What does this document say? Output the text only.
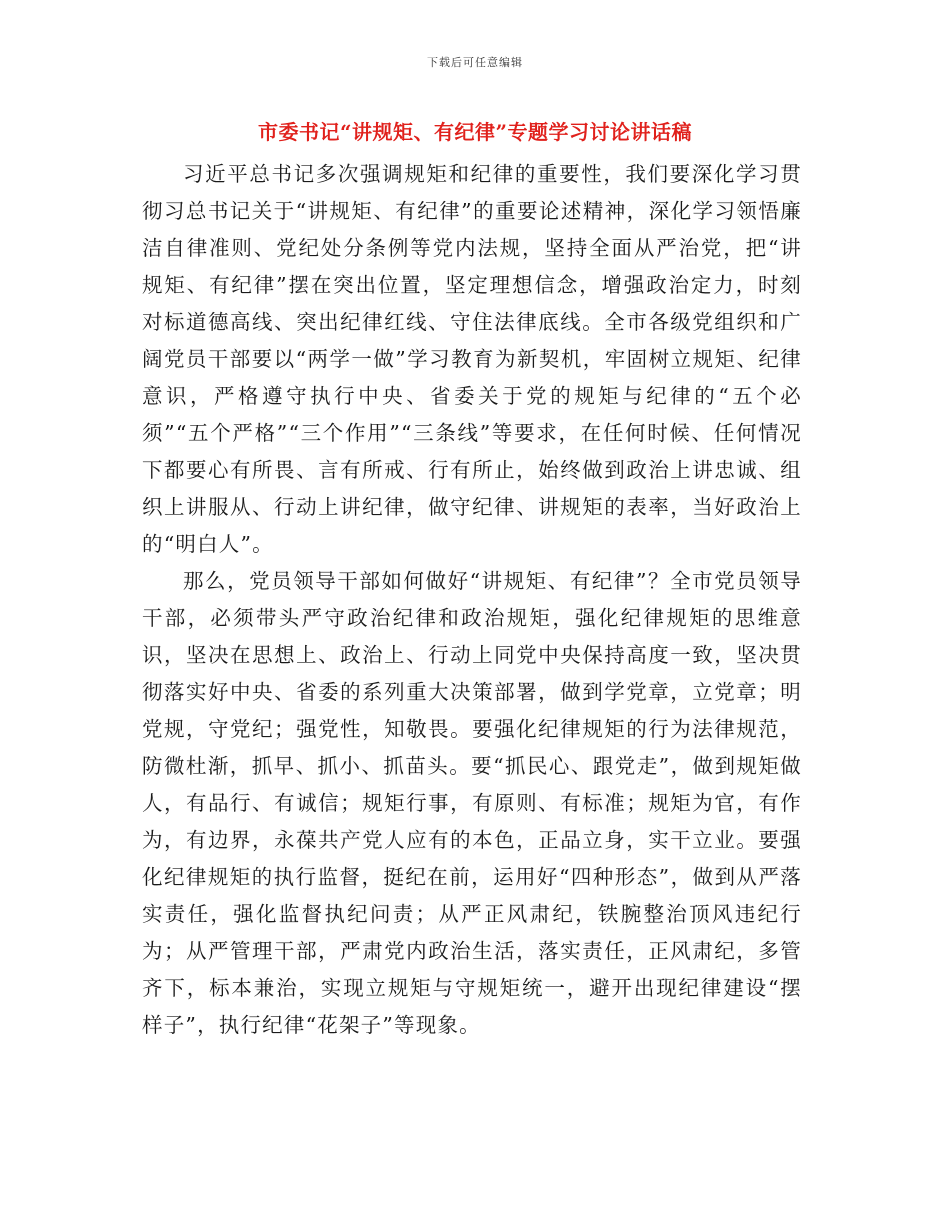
下载后可任意编辑
市委书记“讲规矩、有纪律”专题学习讨论讲话稿

习近平总书记多次强调规矩和纪律的重要性，我们要深化学习贯彻习总书记关于“讲规矩、有纪律”的重要论述精神，深化学习领悟廉洁自律准则、党纪处分条例等党内法规，坚持全面从严治党，把“讲规矩、有纪律”摆在突出位置，坚定理想信念，增强政治定力，时刻对标道德高线、突出纪律红线、守住法律底线。全市各级党组织和广阔党员干部要以“两学一做”学习教育为新契机，牢固树立规矩、纪律意识，严格遵守执行中央、省委关于党的规矩与纪律的“五个必须”“五个严格”“三个作用”“三条线”等要求，在任何时候、任何情况下都要心有所畏、言有所戒、行有所止，始终做到政治上讲忠诚、组织上讲服从、行动上讲纪律，做守纪律、讲规矩的表率，当好政治上的“明白人”。

那么，党员领导干部如何做好“讲规矩、有纪律”？全市党员领导干部，必须带头严守政治纪律和政治规矩，强化纪律规矩的思维意识，坚决在思想上、政治上、行动上同党中央保持高度一致，坚决贯彻落实好中央、省委的系列重大决策部署，做到学党章，立党章；明党规，守党纪；强党性，知敬畏。要强化纪律规矩的行为法律规范，防微杜渐，抓早、抓小、抓苗头。要“抓民心、跟党走”，做到规矩做人，有品行、有诚信；规矩行事，有原则、有标准；规矩为官，有作为，有边界，永葆共产党人应有的本色，正品立身，实干立业。要强化纪律规矩的执行监督，挺纪在前，运用好“四种形态”，做到从严落实责任，强化监督执纪问责；从严正风肃纪，铁腕整治顶风违纪行为；从严管理干部，严肃党内政治生活，落实责任，正风肃纪，多管齐下，标本兼治，实现立规矩与守规矩统一，避开出现纪律建设“摆样子”，执行纪律“花架子”等现象。
